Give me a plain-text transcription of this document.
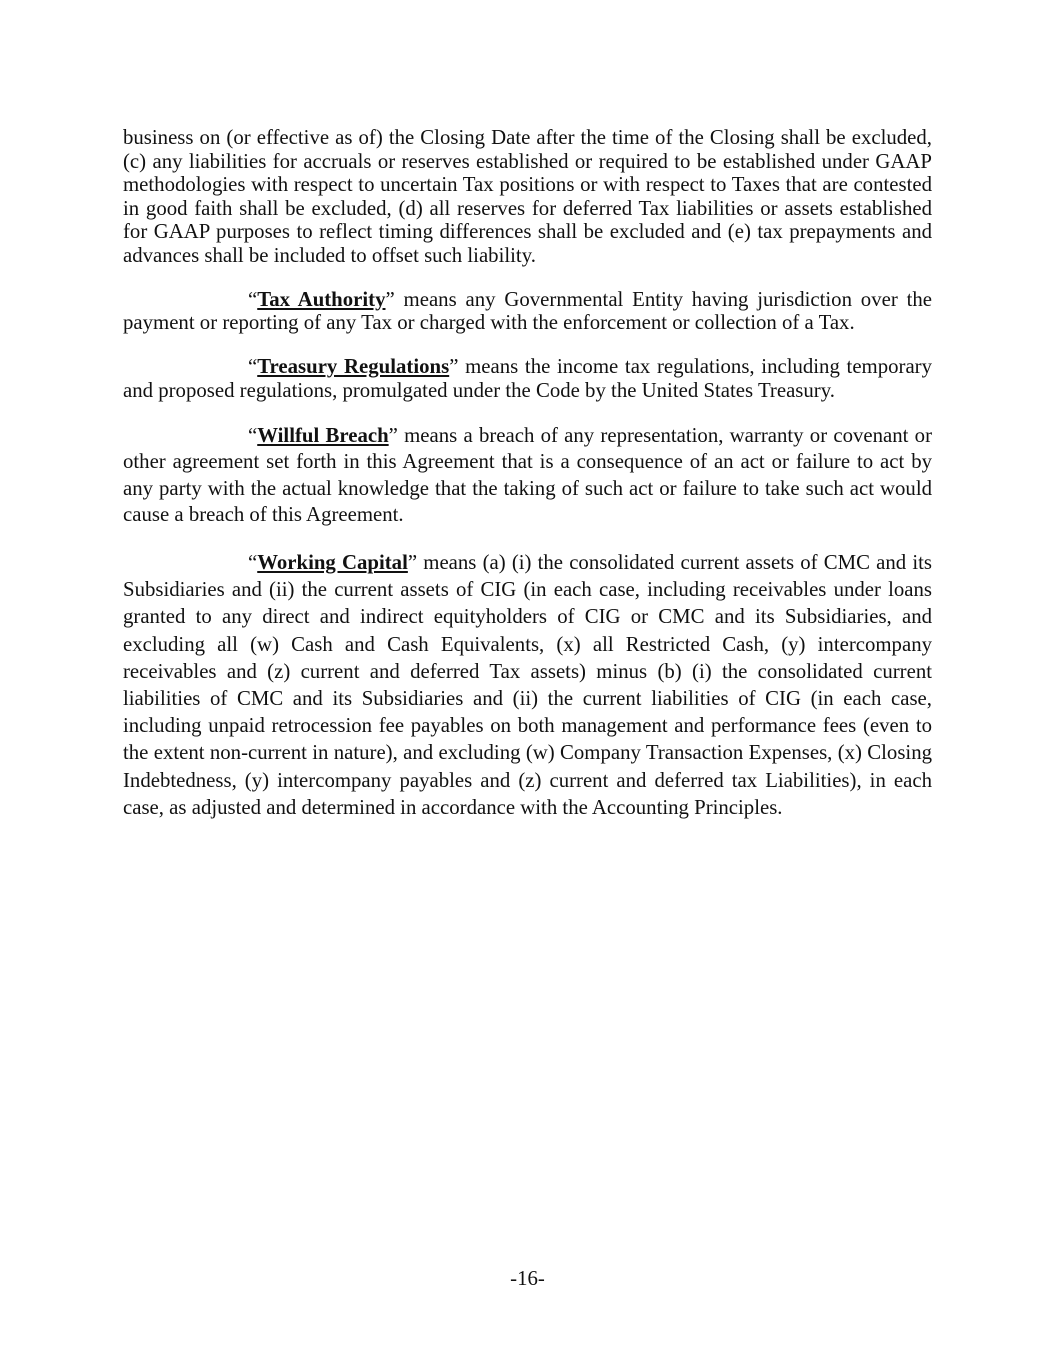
business on (or effective as of) the Closing Date after the time of the Closing shall be excluded, (c) any liabilities for accruals or reserves established or required to be established under GAAP methodologies with respect to uncertain Tax positions or with respect to Taxes that are contested in good faith shall be excluded, (d) all reserves for deferred Tax liabilities or assets established for GAAP purposes to reflect timing differences shall be excluded and (e) tax prepayments and advances shall be included to offset such liability.

“Tax Authority” means any Governmental Entity having jurisdiction over the payment or reporting of any Tax or charged with the enforcement or collection of a Tax.

“Treasury Regulations” means the income tax regulations, including temporary and proposed regulations, promulgated under the Code by the United States Treasury.

“Willful Breach” means a breach of any representation, warranty or covenant or other agreement set forth in this Agreement that is a consequence of an act or failure to act by any party with the actual knowledge that the taking of such act or failure to take such act would cause a breach of this Agreement.

“Working Capital” means (a) (i) the consolidated current assets of CMC and its Subsidiaries and (ii) the current assets of CIG (in each case, including receivables under loans granted to any direct and indirect equityholders of CIG or CMC and its Subsidiaries, and excluding all (w) Cash and Cash Equivalents, (x) all Restricted Cash, (y) intercompany receivables and (z) current and deferred Tax assets) minus (b) (i) the consolidated current liabilities of CMC and its Subsidiaries and (ii) the current liabilities of CIG (in each case, including unpaid retrocession fee payables on both management and performance fees (even to the extent non-current in nature), and excluding (w) Company Transaction Expenses, (x) Closing Indebtedness, (y) intercompany payables and (z) current and deferred tax Liabilities), in each case, as adjusted and determined in accordance with the Accounting Principles.

-16-
